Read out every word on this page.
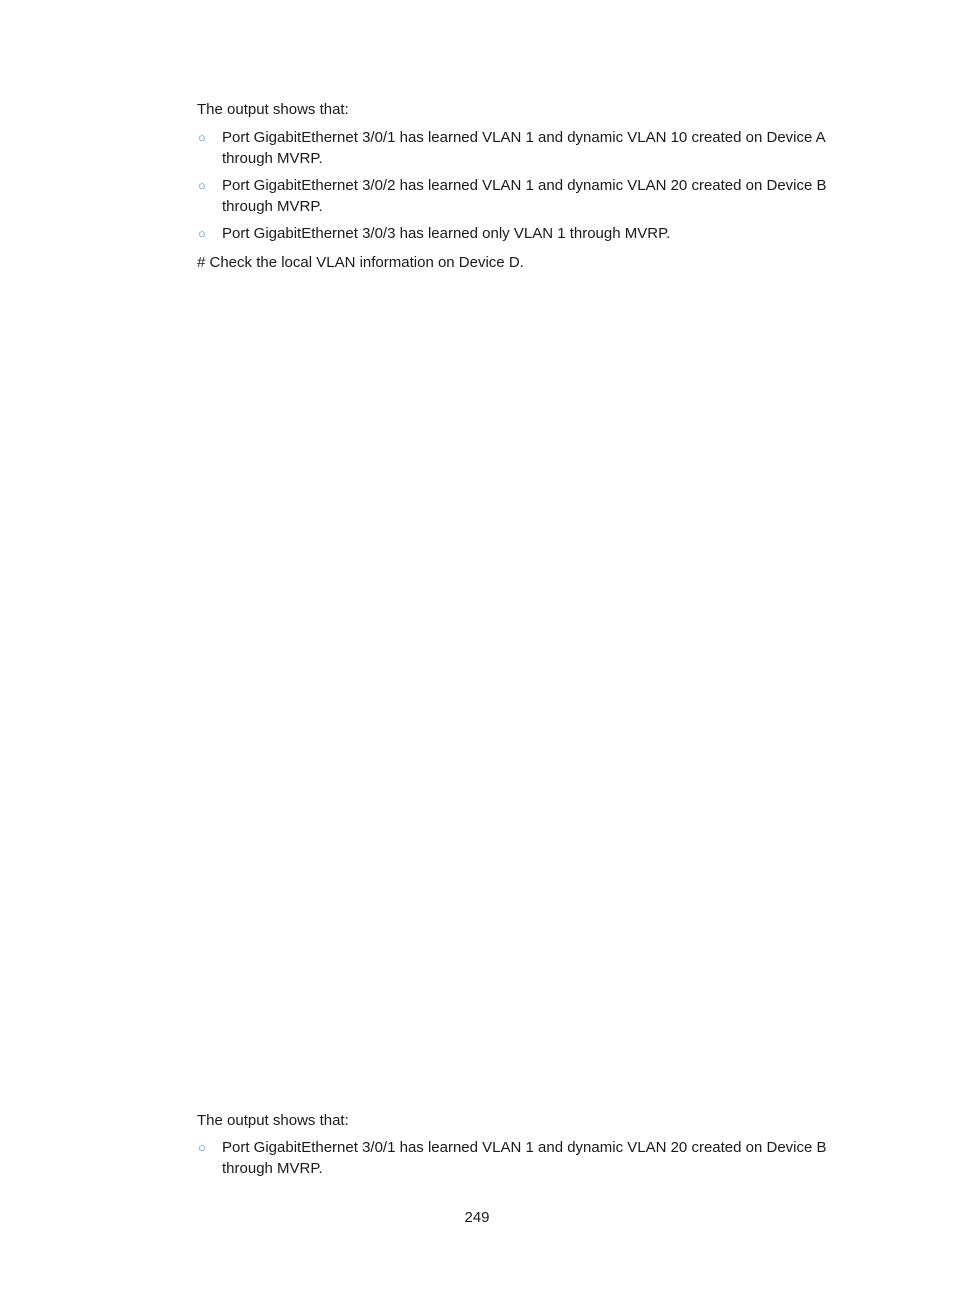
The output shows that:

○ Port GigabitEthernet 3/0/1 has learned VLAN 1 and dynamic VLAN 10 created on Device A through MVRP.
○ Port GigabitEthernet 3/0/2 has learned VLAN 1 and dynamic VLAN 20 created on Device B through MVRP.
○ Port GigabitEthernet 3/0/3 has learned only VLAN 1 through MVRP.

# Check the local VLAN information on Device D.

The output shows that:

○ Port GigabitEthernet 3/0/1 has learned VLAN 1 and dynamic VLAN 20 created on Device B through MVRP.
249
